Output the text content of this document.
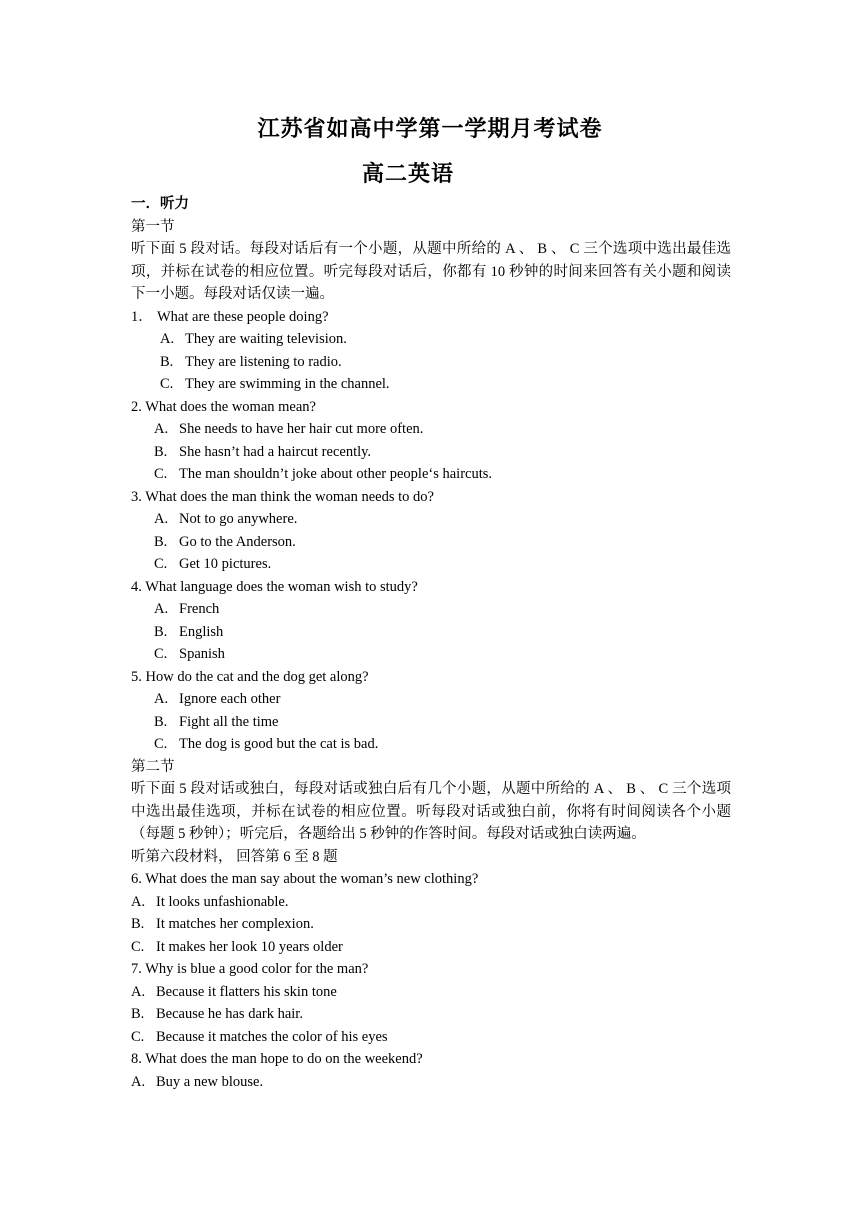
江苏省如高中学第一学期月考试卷
高二英语
一．听力
第一节
听下面 5 段对话。每段对话后有一个小题，从题中所给的 A 、 B 、 C 三个选项中选出最佳选项，并标在试卷的相应位置。听完每段对话后，你都有 10 秒钟的时间来回答有关小题和阅读下一小题。每段对话仅读一遍。
1． What are these people doing?
A. They are waiting television.
B. They are listening to radio.
C. They are swimming in the channel.
2. What does the woman mean?
A. She needs to have her hair cut more often.
B. She hasn’t had a haircut recently.
C. The man shouldn’t joke about other people‘s haircuts.
3. What does the man think the woman needs to do?
A. Not to go anywhere.
B. Go to the Anderson.
C. Get 10 pictures.
4. What language does the woman wish to study?
A. French
B. English
C. Spanish
5. How do the cat and the dog get along?
A. Ignore each other
B. Fight all the time
C. The dog is good but the cat is bad.
第二节
听下面 5 段对话或独白，每段对话或独白后有几个小题，从题中所给的 A 、 B 、 C 三个选项中选出最佳选项，并标在试卷的相应位置。听每段对话或独白前，你将有时间阅读各个小题（每题 5 秒钟）；听完后，各题给出 5 秒钟的作答时间。每段对话或独白读两遍。
听第六段材料， 回答第 6 至 8 题
6. What does the man say about the woman’s new clothing?
A. It looks unfashionable.
B. It matches her complexion.
C. It makes her look 10 years older
7. Why is blue a good color for the man?
A. Because it flatters his skin tone
B. Because he has dark hair.
C. Because it matches the color of his eyes
8. What does the man hope to do on the weekend?
A. Buy a new blouse.
